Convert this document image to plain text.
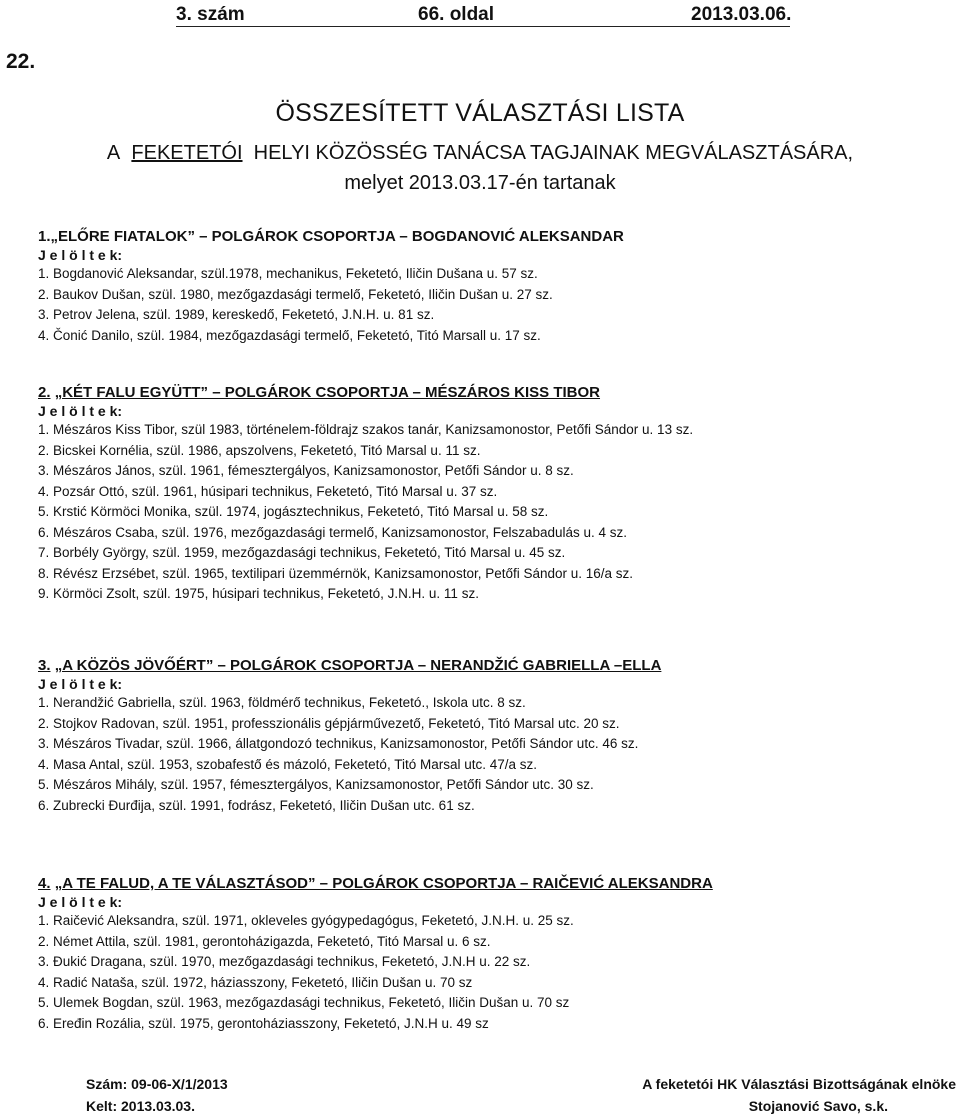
3. szám	66. oldal	2013.03.06.
22.
ÖSSZESÍTETT VÁLASZTÁSI LISTA
A FEKETETÓI HELYI KÖZÖSSÉG TANÁCSA TAGJAINAK MEGVÁLASZTÁSÁRA,
melyet 2013.03.17-én tartanak
1.„ELŐRE FIATALOK” – POLGÁROK CSOPORTJA – BOGDANOVIĆ ALEKSANDAR
J e l ö l t e k:
1. Bogdanović Aleksandar, szül.1978, mechanikus, Feketetó, Iličin Dušana u. 57 sz.
2. Baukov Dušan, szül. 1980, mezőgazdasági termelő, Feketetó, Iličin Dušan u. 27 sz.
3. Petrov Jelena, szül. 1989, kereskedő, Feketetó, J.N.H. u. 81 sz.
4. Čonić Danilo, szül. 1984, mezőgazdasági termelő, Feketetó, Titó Marsall u. 17 sz.
2. „KÉT FALU EGYÜTT” – POLGÁROK CSOPORTJA – MÉSZÁROS KISS TIBOR
J e l ö l t e k:
1. Mészáros Kiss Tibor, szül 1983, történelem-földrajz szakos tanár, Kanizsamonostor, Petőfi Sándor u. 13 sz.
2. Bicskei Kornélia, szül. 1986, apszolvens, Feketetó, Titó Marsal u. 11 sz.
3. Mészáros János, szül. 1961, fémesztergályos, Kanizsamonostor, Petőfi Sándor u. 8 sz.
4. Pozsár Ottó, szül. 1961, húsipari technikus, Feketetó, Titó Marsal u. 37 sz.
5. Krstić Körmöci Monika, szül. 1974, jogásztechnikus, Feketetó, Titó Marsal u. 58 sz.
6. Mészáros Csaba, szül. 1976, mezőgazdasági termelő, Kanizsamonostor, Felszabadulás u. 4 sz.
7. Borbély György, szül. 1959, mezőgazdasági technikus, Feketetó, Titó Marsal u. 45 sz.
8. Révész Erzsébet, szül. 1965, textilipari üzemmérnök, Kanizsamonostor, Petőfi Sándor u. 16/a sz.
9. Körmöci Zsolt, szül. 1975, húsipari technikus, Feketetó, J.N.H. u. 11 sz.
3. „A KÖZÖS JÖVŐÉRT” – POLGÁROK CSOPORTJA – NERANDŽIĆ GABRIELLA –ELLA
J e l ö l t e k:
1. Nerandžić Gabriella, szül. 1963, földmérő technikus, Feketetó., Iskola utc. 8 sz.
2. Stojkov Radovan, szül. 1951, professzionális gépjárművezető, Feketetó, Titó Marsal utc. 20 sz.
3. Mészáros Tivadar, szül. 1966, állatgondozó technikus, Kanizsamonostor, Petőfi Sándor utc. 46 sz.
4. Masa Antal, szül. 1953, szobafestő és mázoló, Feketetó, Titó Marsal utc. 47/a sz.
5. Mészáros Mihály, szül. 1957, fémesztergályos, Kanizsamonostor, Petőfi Sándor utc. 30 sz.
6. Zubrecki Đurđija, szül. 1991, fodrász, Feketetó, Iličin Dušan utc. 61 sz.
4. „A TE FALUD, A TE VÁLASZTÁSOD” – POLGÁROK CSOPORTJA – RAIČEVIĆ ALEKSANDRA
J e l ö l t e k:
1. Raičević Aleksandra, szül. 1971, okleveles gyógypedagógus, Feketetó, J.N.H. u. 25 sz.
2. Német Attila, szül. 1981, gerontoházigazda, Feketetó, Titó Marsal u. 6 sz.
3. Đukić Dragana, szül. 1970, mezőgazdasági technikus, Feketetó, J.N.H u. 22 sz.
4. Radić Nataša, szül. 1972, háziasszony, Feketetó, Iličin Dušan u. 70 sz
5. Ulemek Bogdan, szül. 1963, mezőgazdasági technikus, Feketetó, Iličin Dušan u. 70 sz
6. Eređin Rozália, szül. 1975, gerontoháziasszony, Feketetó, J.N.H u. 49 sz
Szám: 09-06-X/1/2013
Kelt: 2013.03.03.
A feketetói HK Választási Bizottságának elnöke
Stojanović Savo, s.k.
